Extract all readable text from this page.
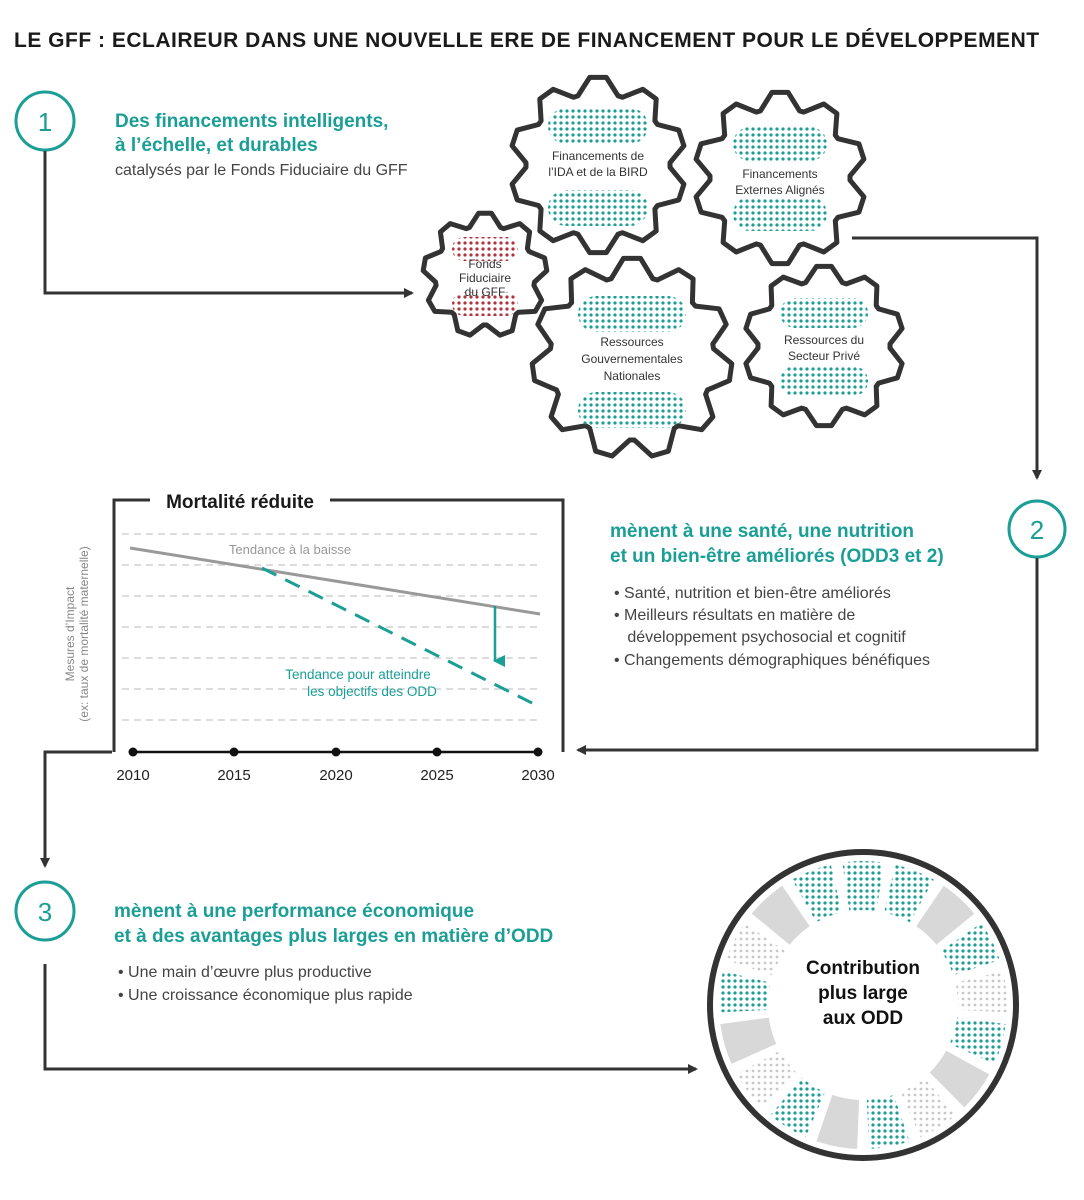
LE GFF : ECLAIREUR DANS UNE NOUVELLE ERE DE FINANCEMENT POUR LE DÉVELOPPEMENT
1	Des financements intelligents,
à l’échelle, et durables
catalysés par le Fonds Fiduciaire du GFF
Financements de
l’IDA et de la BIRD	Financements
Externes Alignés
Fonds
Fiduciaire
du GFF
Ressources
Gouvernementales
Nationales
Ressources du
Secteur Privé
2
mènent à une santé, une nutrition
et un bien-être améliorés (ODD3 et 2)
• Santé, nutrition et bien-être améliorés
• Meilleurs résultats en matière de
développement psychosocial et cognitif
• Changements démographiques bénéfiques
Mortalité réduite
Mesures d’Impact (ex: taux de mortalité maternelle)	Tendance à la baisse
Tendance pour atteindre
les objectifs des ODD
2010	2015	2020	2025	2030
3	mènent à une performance économique
et à des avantages plus larges en matière d’ODD
• Une main d’œuvre plus productive
• Une croissance économique plus rapide
Contribution
plus large
aux ODD
